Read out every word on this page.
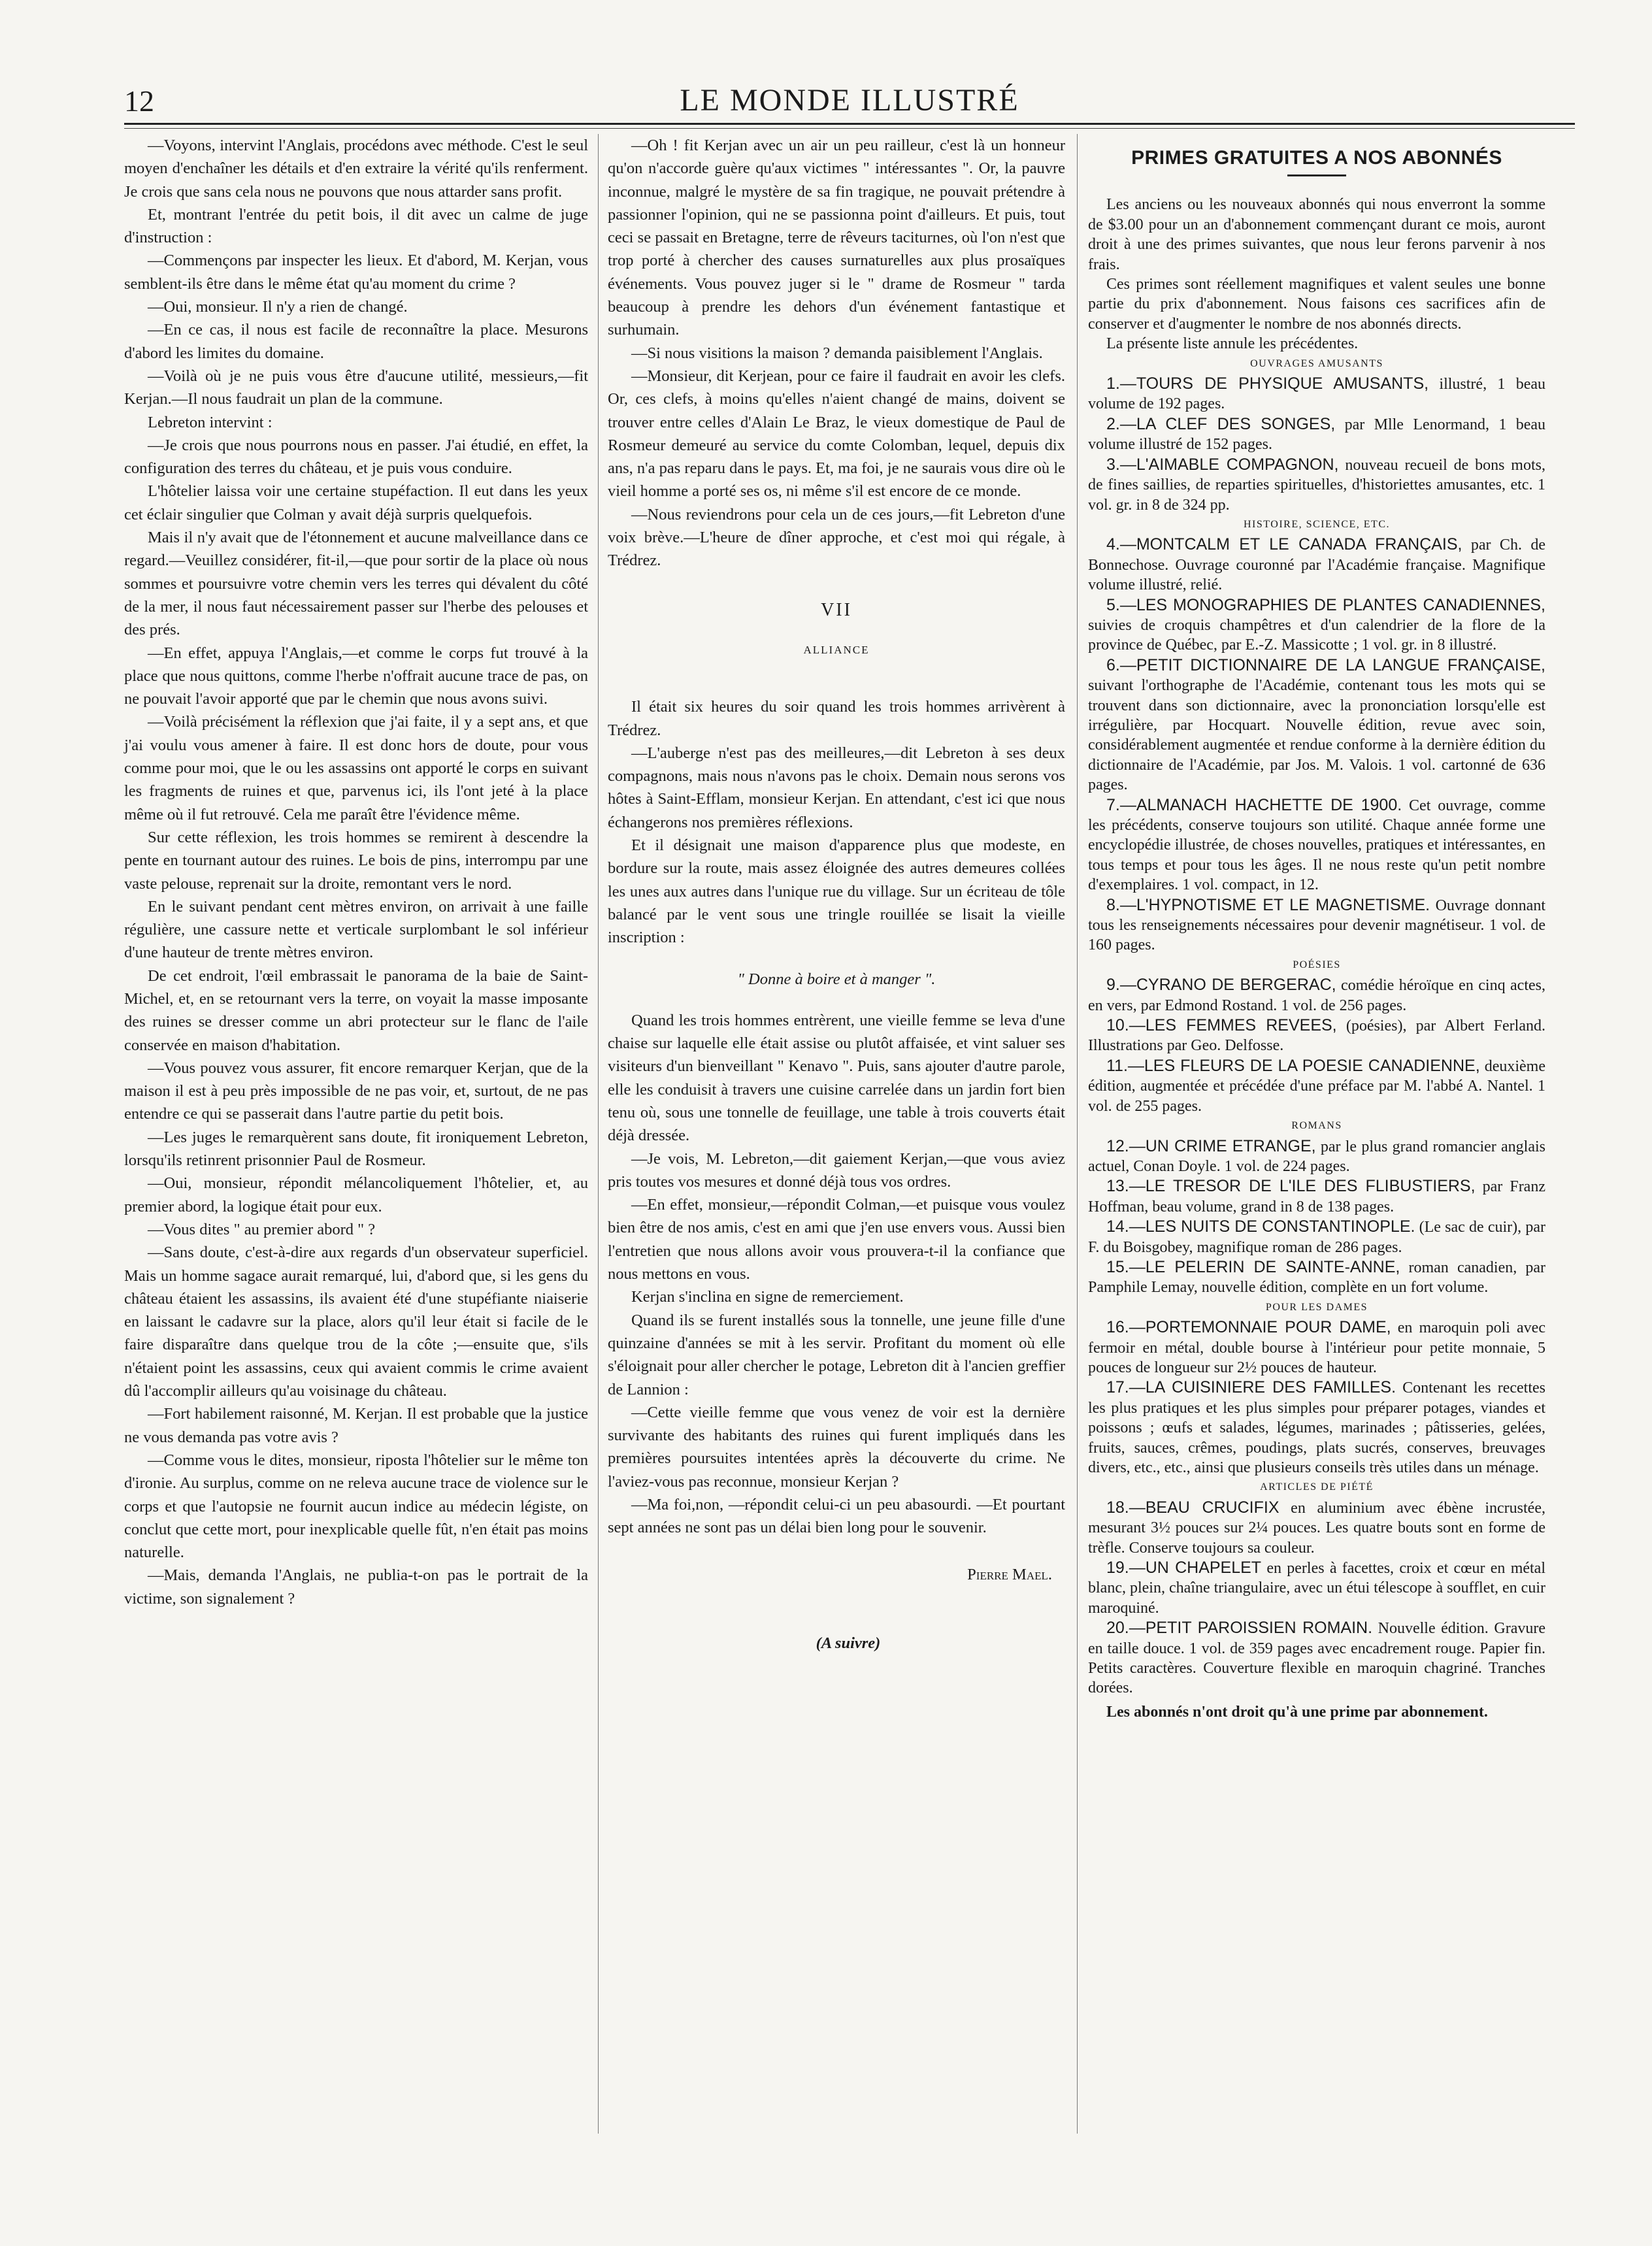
12	LE MONDE ILLUSTRÉ

—Voyons, intervint l'Anglais, procédons avec méthode. C'est le seul moyen d'enchaîner les détails et d'en extraire la vérité qu'ils renferment. Je crois que sans cela nous ne pouvons que nous attarder sans profit.

Et, montrant l'entrée du petit bois, il dit avec un calme de juge d'instruction :

—Commençons par inspecter les lieux. Et d'abord, M. Kerjan, vous semblent-ils être dans le même état qu'au moment du crime ?

—Oui, monsieur. Il n'y a rien de changé.

—En ce cas, il nous est facile de reconnaître la place. Mesurons d'abord les limites du domaine.

—Voilà où je ne puis vous être d'aucune utilité, messieurs,—fit Kerjan.—Il nous faudrait un plan de la commune.

Lebreton intervint :

—Je crois que nous pourrons nous en passer. J'ai étudié, en effet, la configuration des terres du château, et je puis vous conduire.

L'hôtelier laissa voir une certaine stupéfaction. Il eut dans les yeux cet éclair singulier que Colman y avait déjà surpris quelquefois.

Mais il n'y avait que de l'étonnement et aucune malveillance dans ce regard.—Veuillez considérer, fit-il,—que pour sortir de la place où nous sommes et poursuivre votre chemin vers les terres qui dévalent du côté de la mer, il nous faut nécessairement passer sur l'herbe des pelouses et des prés.

—En effet, appuya l'Anglais,—et comme le corps fut trouvé à la place que nous quittons, comme l'herbe n'offrait aucune trace de pas, on ne pouvait l'avoir apporté que par le chemin que nous avons suivi.

—Voilà précisément la réflexion que j'ai faite, il y a sept ans, et que j'ai voulu vous amener à faire. Il est donc hors de doute, pour vous comme pour moi, que le ou les assassins ont apporté le corps en suivant les fragments de ruines et que, parvenus ici, ils l'ont jeté à la place même où il fut retrouvé. Cela me paraît être l'évidence même.

Sur cette réflexion, les trois hommes se remirent à descendre la pente en tournant autour des ruines. Le bois de pins, interrompu par une vaste pelouse, reprenait sur la droite, remontant vers le nord.

En le suivant pendant cent mètres environ, on arrivait à une faille régulière, une cassure nette et verticale surplombant le sol inférieur d'une hauteur de trente mètres environ.

De cet endroit, l'œil embrassait le panorama de la baie de Saint-Michel, et, en se retournant vers la terre, on voyait la masse imposante des ruines se dresser comme un abri protecteur sur le flanc de l'aile conservée en maison d'habitation.

—Vous pouvez vous assurer, fit encore remarquer Kerjan, que de la maison il est à peu près impossible de ne pas voir, et, surtout, de ne pas entendre ce qui se passerait dans l'autre partie du petit bois.

—Les juges le remarquèrent sans doute, fit ironiquement Lebreton, lorsqu'ils retinrent prisonnier Paul de Rosmeur.

—Oui, monsieur, répondit mélancoliquement l'hôtelier, et, au premier abord, la logique était pour eux.

—Vous dites " au premier abord " ?

—Sans doute, c'est-à-dire aux regards d'un observateur superficiel. Mais un homme sagace aurait remarqué, lui, d'abord que, si les gens du château étaient les assassins, ils avaient été d'une stupéfiante niaiserie en laissant le cadavre sur la place, alors qu'il leur était si facile de le faire disparaître dans quelque trou de la côte ;—ensuite que, s'ils n'étaient point les assassins, ceux qui avaient commis le crime avaient dû l'accomplir ailleurs qu'au voisinage du château.

—Fort habilement raisonné, M. Kerjan. Il est probable que la justice ne vous demanda pas votre avis ?

—Comme vous le dites, monsieur, riposta l'hôtelier sur le même ton d'ironie. Au surplus, comme on ne releva aucune trace de violence sur le corps et que l'autopsie ne fournit aucun indice au médecin légiste, on conclut que cette mort, pour inexplicable quelle fût, n'en était pas moins naturelle.

—Mais, demanda l'Anglais, ne publia-t-on pas le portrait de la victime, son signalement ?

—Oh ! fit Kerjan avec un air un peu railleur, c'est là un honneur qu'on n'accorde guère qu'aux victimes " intéressantes ". Or, la pauvre inconnue, malgré le mystère de sa fin tragique, ne pouvait prétendre à passionner l'opinion, qui ne se passionna point d'ailleurs. Et puis, tout ceci se passait en Bretagne, terre de rêveurs taciturnes, où l'on n'est que trop porté à chercher des causes surnaturelles aux plus prosaïques événements. Vous pouvez juger si le " drame de Rosmeur " tarda beaucoup à prendre les dehors d'un événement fantastique et surhumain.

—Si nous visitions la maison ? demanda paisiblement l'Anglais.

—Monsieur, dit Kerjean, pour ce faire il faudrait en avoir les clefs. Or, ces clefs, à moins qu'elles n'aient changé de mains, doivent se trouver entre celles d'Alain Le Braz, le vieux domestique de Paul de Rosmeur demeuré au service du comte Colomban, lequel, depuis dix ans, n'a pas reparu dans le pays. Et, ma foi, je ne saurais vous dire où le vieil homme a porté ses os, ni même s'il est encore de ce monde.

—Nous reviendrons pour cela un de ces jours,—fit Lebreton d'une voix brève.—L'heure de dîner approche, et c'est moi qui régale, à Trédrez.

VII

ALLIANCE

Il était six heures du soir quand les trois hommes arrivèrent à Trédrez.

—L'auberge n'est pas des meilleures,—dit Lebreton à ses deux compagnons, mais nous n'avons pas le choix. Demain nous serons vos hôtes à Saint-Efflam, monsieur Kerjan. En attendant, c'est ici que nous échangerons nos premières réflexions.

Et il désignait une maison d'apparence plus que modeste, en bordure sur la route, mais assez éloignée des autres demeures collées les unes aux autres dans l'unique rue du village. Sur un écriteau de tôle balancé par le vent sous une tringle rouillée se lisait la vieille inscription :

" Donne à boire et à manger ".

Quand les trois hommes entrèrent, une vieille femme se leva d'une chaise sur laquelle elle était assise ou plutôt affaisée, et vint saluer ses visiteurs d'un bienveillant " Kenavo ". Puis, sans ajouter d'autre parole, elle les conduisit à travers une cuisine carrelée dans un jardin fort bien tenu où, sous une tonnelle de feuillage, une table à trois couverts était déjà dressée.

—Je vois, M. Lebreton,—dit gaiement Kerjan,—que vous aviez pris toutes vos mesures et donné déjà tous vos ordres.

—En effet, monsieur,—répondit Colman,—et puisque vous voulez bien être de nos amis, c'est en ami que j'en use envers vous. Aussi bien l'entretien que nous allons avoir vous prouvera-t-il la confiance que nous mettons en vous.

Kerjan s'inclina en signe de remerciement.

Quand ils se furent installés sous la tonnelle, une jeune fille d'une quinzaine d'années se mit à les servir. Profitant du moment où elle s'éloignait pour aller chercher le potage, Lebreton dit à l'ancien greffier de Lannion :

—Cette vieille femme que vous venez de voir est la dernière survivante des habitants des ruines qui furent impliqués dans les premières poursuites intentées après la découverte du crime. Ne l'aviez-vous pas reconnue, monsieur Kerjan ?

—Ma foi,non, —répondit celui-ci un peu abasourdi. —Et pourtant sept années ne sont pas un délai bien long pour le souvenir.

Pierre Mael.

(A suivre)

PRIMES GRATUITES A NOS ABONNÉS

Les anciens ou les nouveaux abonnés qui nous enverront la somme de $3.00 pour un an d'abonnement commençant durant ce mois, auront droit à une des primes suivantes, que nous leur ferons parvenir à nos frais.

Ces primes sont réellement magnifiques et valent seules une bonne partie du prix d'abonnement. Nous faisons ces sacrifices afin de conserver et d'augmenter le nombre de nos abonnés directs.

La présente liste annule les précédentes.

OUVRAGES AMUSANTS

1.—TOURS DE PHYSIQUE AMUSANTS, illustré, 1 beau volume de 192 pages.

2.—LA CLEF DES SONGES, par Mlle Lenormand, 1 beau volume illustré de 152 pages.

3.—L'AIMABLE COMPAGNON, nouveau recueil de bons mots, de fines saillies, de reparties spirituelles, d'historiettes amusantes, etc. 1 vol. gr. in 8 de 324 pp.

HISTOIRE, SCIENCE, ETC.

4.—MONTCALM ET LE CANADA FRANÇAIS, par Ch. de Bonnechose. Ouvrage couronné par l'Académie française. Magnifique volume illustré, relié.

5.—LES MONOGRAPHIES DE PLANTES CANADIENNES, suivies de croquis champêtres et d'un calendrier de la flore de la province de Québec, par E.-Z. Massicotte ; 1 vol. gr. in 8 illustré.

6.—PETIT DICTIONNAIRE DE LA LANGUE FRANÇAISE, suivant l'orthographe de l'Académie, contenant tous les mots qui se trouvent dans son dictionnaire, avec la prononciation lorsqu'elle est irrégulière, par Hocquart. Nouvelle édition, revue avec soin, considérablement augmentée et rendue conforme à la dernière édition du dictionnaire de l'Académie, par Jos. M. Valois. 1 vol. cartonné de 636 pages.

7.—ALMANACH HACHETTE DE 1900. Cet ouvrage, comme les précédents, conserve toujours son utilité. Chaque année forme une encyclopédie illustrée, de choses nouvelles, pratiques et intéressantes, en tous temps et pour tous les âges. Il ne nous reste qu'un petit nombre d'exemplaires. 1 vol. compact, in 12.

8.—L'HYPNOTISME ET LE MAGNETISME. Ouvrage donnant tous les renseignements nécessaires pour devenir magnétiseur. 1 vol. de 160 pages.

POÉSIES

9.—CYRANO DE BERGERAC, comédie héroïque en cinq actes, en vers, par Edmond Rostand. 1 vol. de 256 pages.

10.—LES FEMMES REVEES, (poésies), par Albert Ferland. Illustrations par Geo. Delfosse.

11.—LES FLEURS DE LA POESIE CANADIENNE, deuxième édition, augmentée et précédée d'une préface par M. l'abbé A. Nantel. 1 vol. de 255 pages.

ROMANS

12.—UN CRIME ETRANGE, par le plus grand romancier anglais actuel, Conan Doyle. 1 vol. de 224 pages.

13.—LE TRESOR DE L'ILE DES FLIBUSTIERS, par Franz Hoffman, beau volume, grand in 8 de 138 pages.

14.—LES NUITS DE CONSTANTINOPLE. (Le sac de cuir), par F. du Boisgobey, magnifique roman de 286 pages.

15.—LE PELERIN DE SAINTE-ANNE, roman canadien, par Pamphile Lemay, nouvelle édition, complète en un fort volume.

POUR LES DAMES

16.—PORTEMONNAIE POUR DAME, en maroquin poli avec fermoir en métal, double bourse à l'intérieur pour petite monnaie, 5 pouces de longueur sur 2½ pouces de hauteur.

17.—LA CUISINIERE DES FAMILLES. Contenant les recettes les plus pratiques et les plus simples pour préparer potages, viandes et poissons ; œufs et salades, légumes, marinades ; pâtisseries, gelées, fruits, sauces, crêmes, poudings, plats sucrés, conserves, breuvages divers, etc., etc., ainsi que plusieurs conseils très utiles dans un ménage.

ARTICLES DE PIÉTÉ

18.—BEAU CRUCIFIX en aluminium avec ébène incrustée, mesurant 3½ pouces sur 2¼ pouces. Les quatre bouts sont en forme de trèfle. Conserve toujours sa couleur.

19.—UN CHAPELET en perles à facettes, croix et cœur en métal blanc, plein, chaîne triangulaire, avec un étui télescope à soufflet, en cuir maroquiné.

20.—PETIT PAROISSIEN ROMAIN. Nouvelle édition. Gravure en taille douce. 1 vol. de 359 pages avec encadrement rouge. Papier fin. Petits caractères. Couverture flexible en maroquin chagriné. Tranches dorées.

Les abonnés n'ont droit qu'à une prime par abonnement.
